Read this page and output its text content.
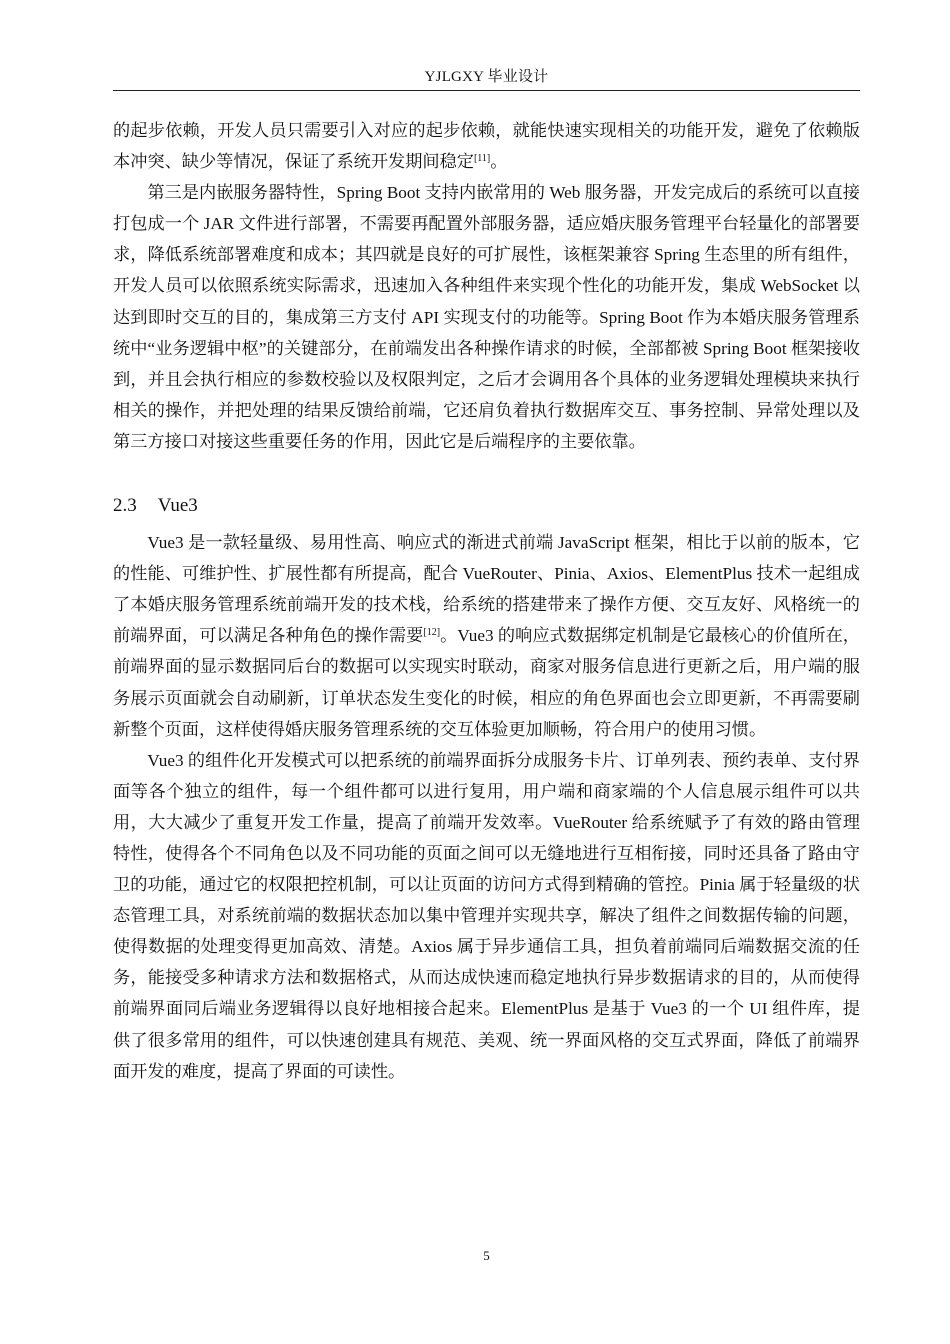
YJLGXY 毕业设计

的起步依赖，开发人员只需要引入对应的起步依赖，就能快速实现相关的功能开发，避免了依赖版本冲突、缺少等情况，保证了系统开发期间稳定[11]。

第三是内嵌服务器特性，Spring Boot 支持内嵌常用的 Web 服务器，开发完成后的系统可以直接打包成一个 JAR 文件进行部署，不需要再配置外部服务器，适应婚庆服务管理平台轻量化的部署要求，降低系统部署难度和成本；其四就是良好的可扩展性，该框架兼容 Spring 生态里的所有组件，开发人员可以依照系统实际需求，迅速加入各种组件来实现个性化的功能开发，集成 WebSocket 以达到即时交互的目的，集成第三方支付 API 实现支付的功能等。Spring Boot 作为本婚庆服务管理系统中“业务逻辑中枢”的关键部分，在前端发出各种操作请求的时候，全部都被 Spring Boot 框架接收到，并且会执行相应的参数校验以及权限判定，之后才会调用各个具体的业务逻辑处理模块来执行相关的操作，并把处理的结果反馈给前端，它还肩负着执行数据库交互、事务控制、异常处理以及第三方接口对接这些重要任务的作用，因此它是后端程序的主要依靠。

2.3 Vue3

Vue3 是一款轻量级、易用性高、响应式的渐进式前端 JavaScript 框架，相比于以前的版本，它的性能、可维护性、扩展性都有所提高，配合 VueRouter、Pinia、Axios、ElementPlus 技术一起组成了本婚庆服务管理系统前端开发的技术栈，给系统的搭建带来了操作方便、交互友好、风格统一的前端界面，可以满足各种角色的操作需要[12]。Vue3 的响应式数据绑定机制是它最核心的价值所在，前端界面的显示数据同后台的数据可以实现实时联动，商家对服务信息进行更新之后，用户端的服务展示页面就会自动刷新，订单状态发生变化的时候，相应的角色界面也会立即更新，不再需要刷新整个页面，这样使得婚庆服务管理系统的交互体验更加顺畅，符合用户的使用习惯。

Vue3 的组件化开发模式可以把系统的前端界面拆分成服务卡片、订单列表、预约表单、支付界面等各个独立的组件，每一个组件都可以进行复用，用户端和商家端的个人信息展示组件可以共用，大大减少了重复开发工作量，提高了前端开发效率。VueRouter 给系统赋予了有效的路由管理特性，使得各个不同角色以及不同功能的页面之间可以无缝地进行互相衔接，同时还具备了路由守卫的功能，通过它的权限把控机制，可以让页面的访问方式得到精确的管控。Pinia 属于轻量级的状态管理工具，对系统前端的数据状态加以集中管理并实现共享，解决了组件之间数据传输的问题，使得数据的处理变得更加高效、清楚。Axios 属于异步通信工具，担负着前端同后端数据交流的任务，能接受多种请求方法和数据格式，从而达成快速而稳定地执行异步数据请求的目的，从而使得前端界面同后端业务逻辑得以良好地相接合起来。ElementPlus 是基于 Vue3 的一个 UI 组件库，提供了很多常用的组件，可以快速创建具有规范、美观、统一界面风格的交互式界面，降低了前端界面开发的难度，提高了界面的可读性。

5
